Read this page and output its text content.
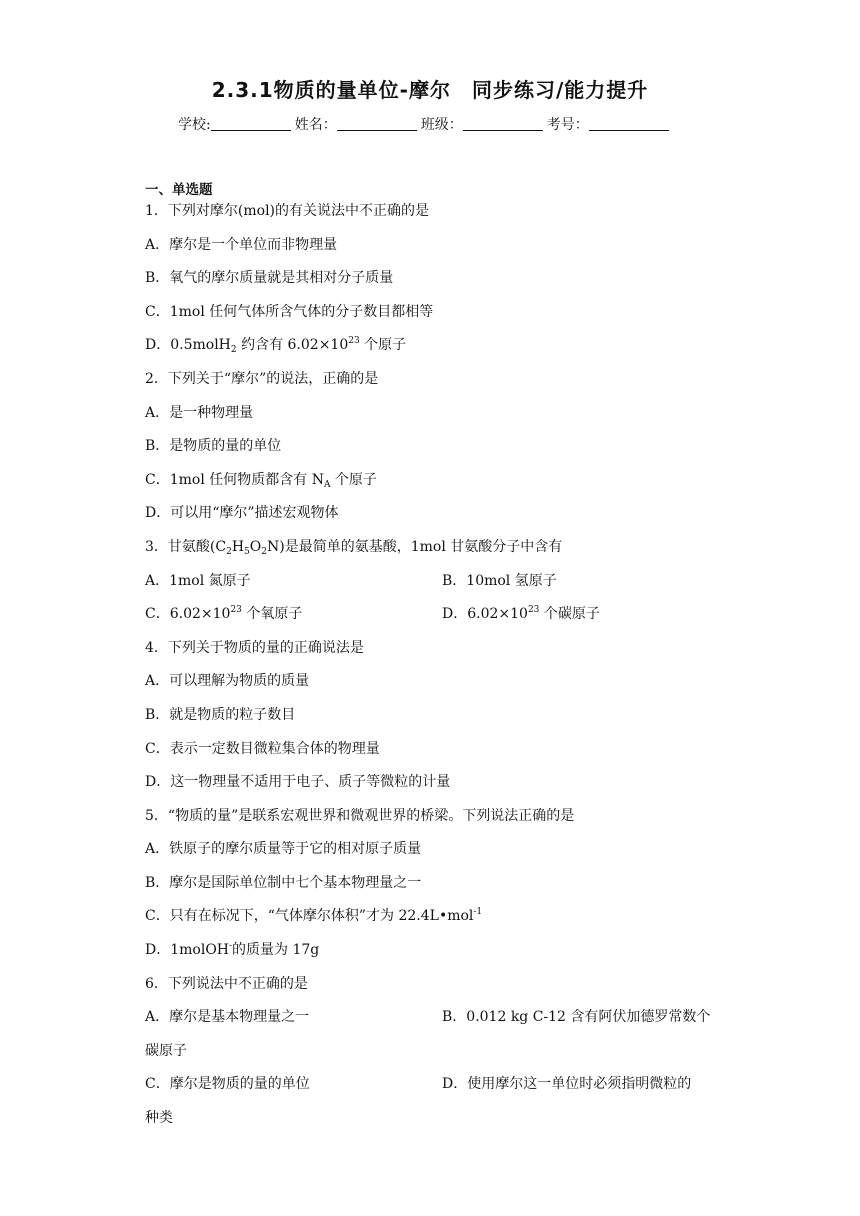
2.3.1物质的量单位-摩尔　同步练习/能力提升
学校:	姓名：	班级：	考号：
一、单选题
1．下列对摩尔(mol)的有关说法中不正确的是
A．摩尔是一个单位而非物理量
B．氧气的摩尔质量就是其相对分子质量
C．1mol 任何气体所含气体的分子数目都相等
D．0.5molH$_2$ 约含有 $6.02\times 10^{23}$ 个原子
2．下列关于“摩尔”的说法，正确的是
A．是一种物理量
B．是物质的量的单位
C．1mol 任何物质都含有 $N_A$ 个原子
D．可以用“摩尔”描述宏观物体
3．甘氨酸$(C_2H_5O_2N)$是最简单的氨基酸，1mol 甘氨酸分子中含有
A．1mol 氮原子	B．10mol 氢原子
C．$6.02\times 10^{23}$ 个氧原子	D．$6.02\times 10^{23}$ 个碳原子
4．下列关于物质的量的正确说法是
A．可以理解为物质的质量
B．就是物质的粒子数目
C．表示一定数目微粒集合体的物理量
D．这一物理量不适用于电子、质子等微粒的计量
5．“物质的量”是联系宏观世界和微观世界的桥梁。下列说法正确的是
A．铁原子的摩尔质量等于它的相对原子质量
B．摩尔是国际单位制中七个基本物理量之一
C．只有在标况下，“气体摩尔体积”才为 22.4L•mol$^{-1}$
D．1molOH-的质量为 17g
6．下列说法中不正确的是
A．摩尔是基本物理量之一	B．0.012 kg C-12 含有阿伏加德罗常数个
碳原子
C．摩尔是物质的量的单位	D．使用摩尔这一单位时必须指明微粒的
种类
